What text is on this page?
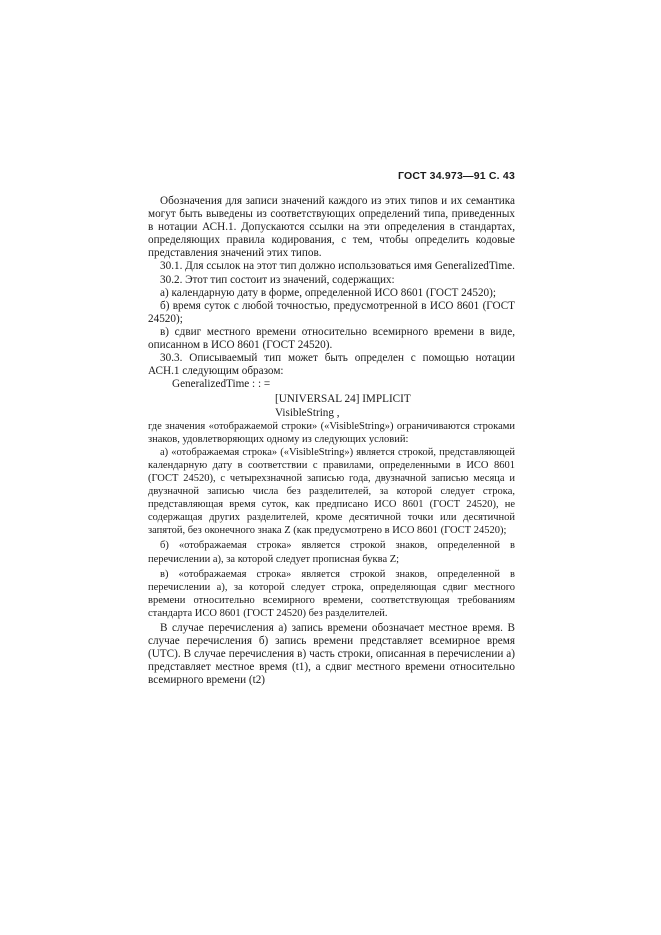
ГОСТ 34.973—91 С. 43

Обозначения для записи значений каждого из этих типов и их семантика могут быть выведены из соответствующих определений типа, приведенных в нотации АСН.1. Допускаются ссылки на эти определения в стандартах, определяющих правила кодирования, с тем, чтобы определить кодовые представления значений этих типов.

30.1. Для ссылок на этот тип должно использоваться имя GeneralizedTime.

30.2. Этот тип состоит из значений, содержащих:

а) календарную дату в форме, определенной ИСО 8601 (ГОСТ 24520);

б) время суток с любой точностью, предусмотренной в ИСО 8601 (ГОСТ 24520);

в) сдвиг местного времени относительно всемирного времени в виде, описанном в ИСО 8601 (ГОСТ 24520).

30.3. Описываемый тип может быть определен с помощью нотации АСН.1 следующим образом:

GeneralizedTime : : =

[UNIVERSAL 24] IMPLICIT

VisibleString ,

где значения «отображаемой строки» («VisibleString») ограничиваются строками знаков, удовлетворяющих одному из следующих условий:

а) «отображаемая строка» («VisibleString») является строкой, представляющей календарную дату в соответствии с правилами, определенными в ИСО 8601 (ГОСТ 24520), с четырехзначной записью года, двузначной записью месяца и двузначной записью числа без разделителей, за которой следует строка, представляющая время суток, как предписано ИСО 8601 (ГОСТ 24520), не содержащая других разделителей, кроме десятичной точки или десятичной запятой, без оконечного знака Z (как предусмотрено в ИСО 8601 (ГОСТ 24520);

б) «отображаемая строка» является строкой знаков, определенной в перечислении а), за которой следует прописная буква Z;

в) «отображаемая строка» является строкой знаков, определенной в перечислении а), за которой следует строка, определяющая сдвиг местного времени относительно всемирного времени, соответствующая требованиям стандарта ИСО 8601 (ГОСТ 24520) без разделителей.

В случае перечисления а) запись времени обозначает местное время. В случае перечисления б) запись времени представляет всемирное время (UTC). В случае перечисления в) часть строки, описанная в перечислении а) представляет местное время (t1), а сдвиг местного времени относительно всемирного времени (t2)
